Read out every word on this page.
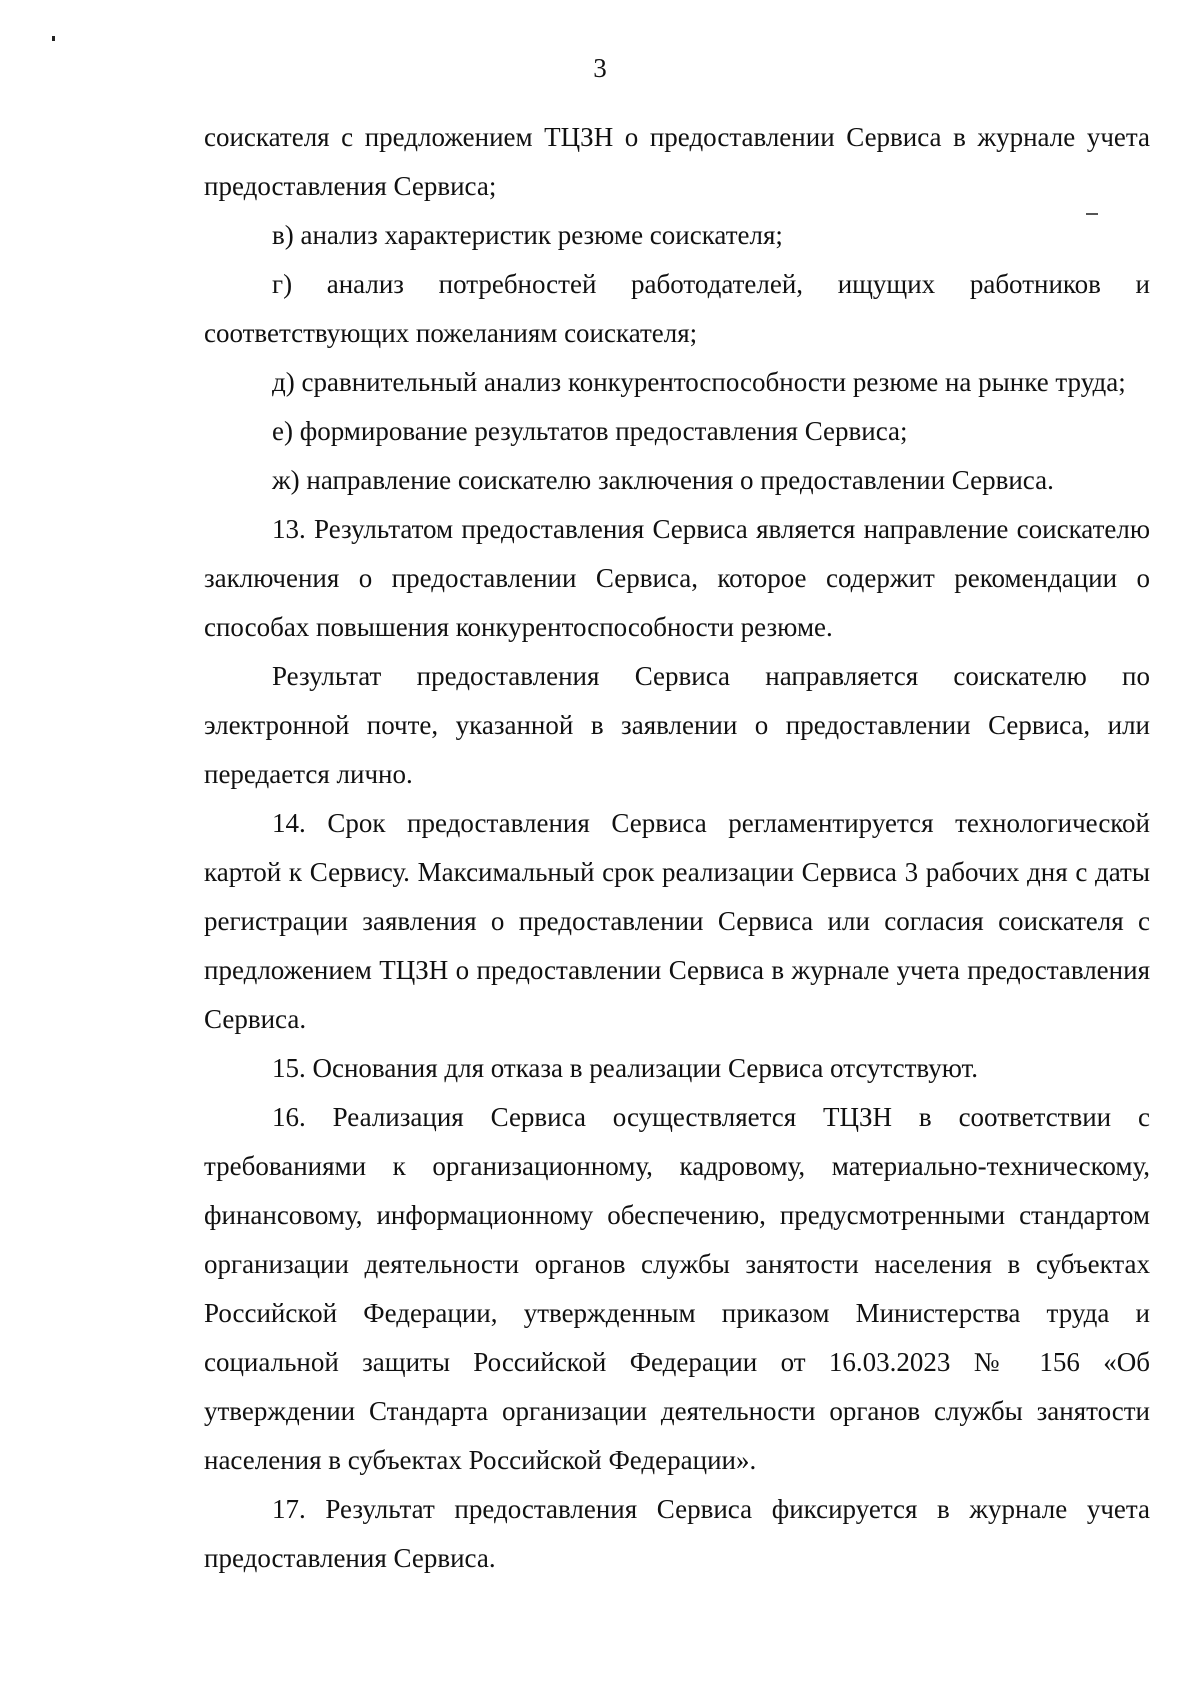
3

соискателя с предложением ТЦЗН о предоставлении Сервиса в журнале учета предоставления Сервиса;

в) анализ характеристик резюме соискателя;

г) анализ потребностей работодателей, ищущих работников и соответствующих пожеланиям соискателя;

д) сравнительный анализ конкурентоспособности резюме на рынке труда;

е) формирование результатов предоставления Сервиса;

ж) направление соискателю заключения о предоставлении Сервиса.

13. Результатом предоставления Сервиса является направление соискателю заключения о предоставлении Сервиса, которое содержит рекомендации о способах повышения конкурентоспособности резюме.

Результат предоставления Сервиса направляется соискателю по электронной почте, указанной в заявлении о предоставлении Сервиса, или передается лично.

14. Срок предоставления Сервиса регламентируется технологической картой к Сервису. Максимальный срок реализации Сервиса 3 рабочих дня с даты регистрации заявления о предоставлении Сервиса или согласия соискателя с предложением ТЦЗН о предоставлении Сервиса в журнале учета предоставления Сервиса.

15. Основания для отказа в реализации Сервиса отсутствуют.

16. Реализация Сервиса осуществляется ТЦЗН в соответствии с требованиями к организационному, кадровому, материально-техническому, финансовому, информационному обеспечению, предусмотренными стандартом организации деятельности органов службы занятости населения в субъектах Российской Федерации, утвержденным приказом Министерства труда и социальной защиты Российской Федерации от 16.03.2023 № 156 «Об утверждении Стандарта организации деятельности органов службы занятости населения в субъектах Российской Федерации».

17. Результат предоставления Сервиса фиксируется в журнале учета предоставления Сервиса.
